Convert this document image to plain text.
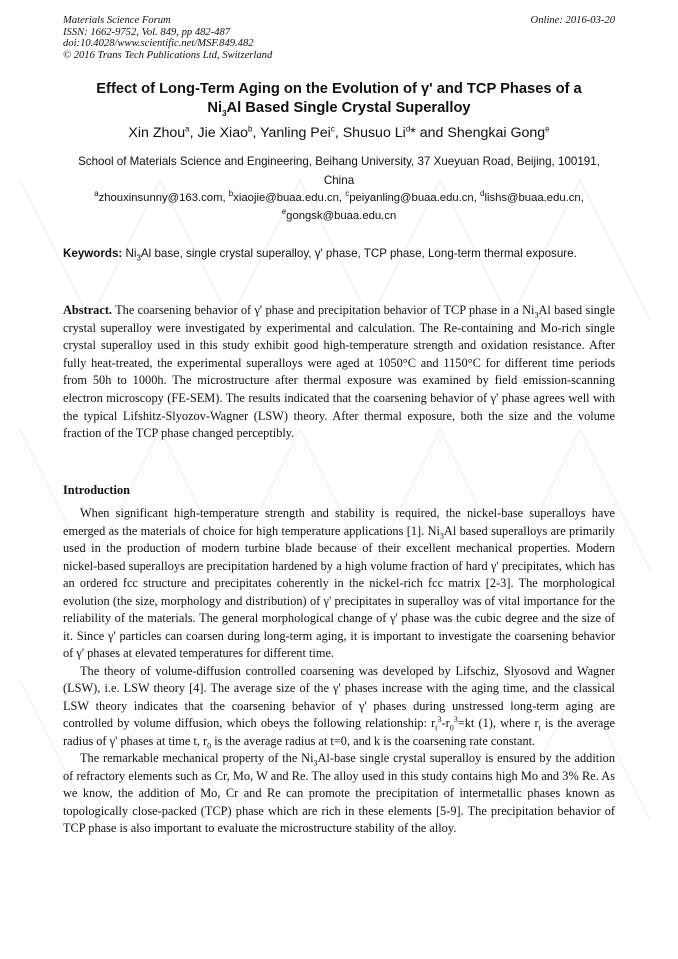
Materials Science Forum
ISSN: 1662-9752, Vol. 849, pp 482-487
doi:10.4028/www.scientific.net/MSF.849.482
© 2016 Trans Tech Publications Ltd, Switzerland
Online: 2016-03-20
Effect of Long-Term Aging on the Evolution of γ' and TCP Phases of a
$Ni_3Al$ Based Single Crystal Superalloy
Xin Zhou$^a$, Jie Xiao$^b$, Yanling Pei$^c$, Shusuo Li$^d$* and Shengkai Gong$^e$
School of Materials Science and Engineering, Beihang University, 37 Xueyuan Road, Beijing, 100191, China
$^a$zhouxinsunny@163.com, $^b$xiaojie@buaa.edu.cn, $^c$peiyanling@buaa.edu.cn, $^d$lishs@buaa.edu.cn,
$^e$gongsk@buaa.edu.cn
Keywords: $Ni_3Al$ base, single crystal superalloy, γ' phase, TCP phase, Long-term thermal exposure.
Abstract. The coarsening behavior of γ' phase and precipitation behavior of TCP phase in a $Ni_3Al$ based single crystal superalloy were investigated by experimental and calculation. The Re-containing and Mo-rich single crystal superalloy used in this study exhibit good high-temperature strength and oxidation resistance. After fully heat-treated, the experimental superalloys were aged at 1050°C and 1150°C for different time periods from 50h to 1000h. The microstructure after thermal exposure was examined by field emission-scanning electron microscopy (FE-SEM). The results indicated that the coarsening behavior of γ' phase agrees well with the typical Lifshitz-Slyozov-Wagner (LSW) theory. After thermal exposure, both the size and the volume fraction of the TCP phase changed perceptibly.
Introduction

When significant high-temperature strength and stability is required, the nickel-base superalloys have emerged as the materials of choice for high temperature applications [1]. $Ni_3Al$ based superalloys are primarily used in the production of modern turbine blade because of their excellent mechanical properties. Modern nickel-based superalloys are precipitation hardened by a high volume fraction of hard γ' precipitates, which has an ordered fcc structure and precipitates coherently in the nickel-rich fcc matrix [2-3]. The morphological evolution (the size, morphology and distribution) of γ' precipitates in superalloy was of vital importance for the reliability of the materials. The general morphological change of γ' phase was the cubic degree and the size of it. Since γ' particles can coarsen during long-term aging, it is important to investigate the coarsening behavior of γ' phases at elevated temperatures for different time.

The theory of volume-diffusion controlled coarsening was developed by Lifschiz, Slyosovd and Wagner (LSW), i.e. LSW theory [4]. The average size of the γ' phases increase with the aging time, and the classical LSW theory indicates that the coarsening behavior of γ' phases during unstressed long-term aging are controlled by volume diffusion, which obeys the following relationship: $r_t^3-r_0^3=kt$ (1), where $r_t$ is the average radius of γ' phases at time t, $r_0$ is the average radius at t=0, and k is the coarsening rate constant.

The remarkable mechanical property of the $Ni_3Al$-base single crystal superalloy is ensured by the addition of refractory elements such as Cr, Mo, W and Re. The alloy used in this study contains high Mo and 3% Re. As we know, the addition of Mo, Cr and Re can promote the precipitation of intermetallic phases known as topologically close-packed (TCP) phase which are rich in these elements [5-9]. The precipitation behavior of TCP phase is also important to evaluate the microstructure stability of the alloy.
